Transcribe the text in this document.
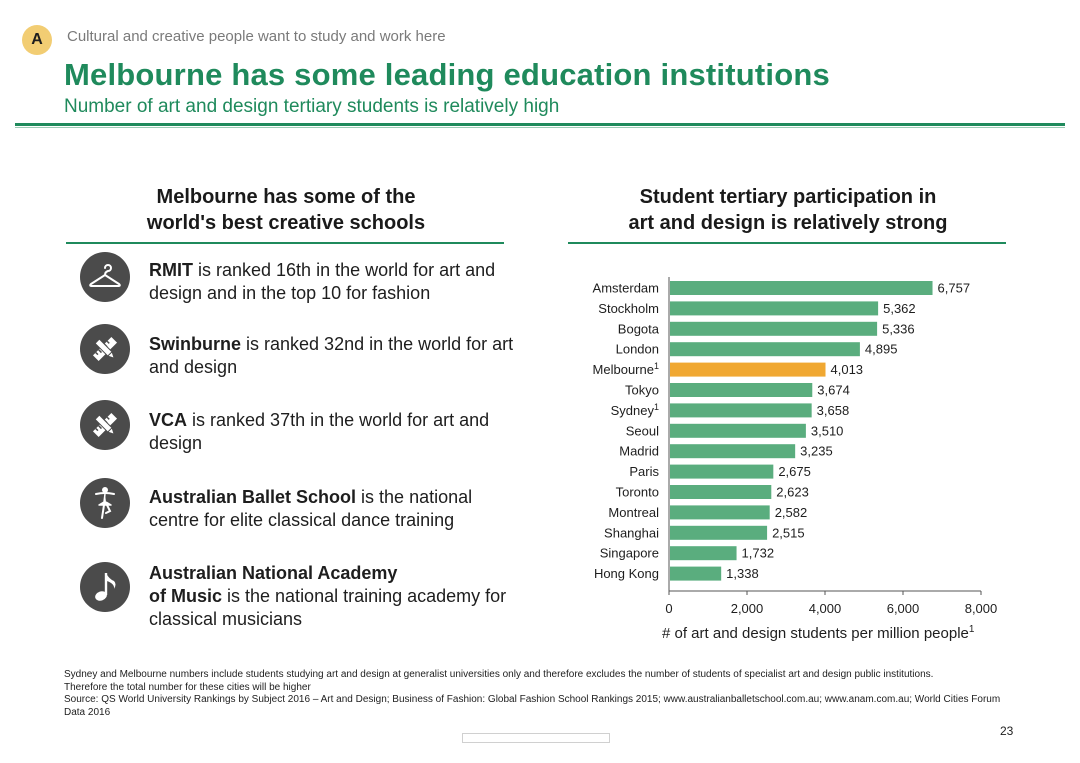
A	Cultural and creative people want to study and work here
Melbourne has some leading education institutions
Number of art and design tertiary students is relatively high
Melbourne has some of the
world's best creative schools
Student tertiary participation in
art and design is relatively strong
RMIT is ranked 16th in the world for art and design and in the top 10 for fashion
Swinburne is ranked 32nd in the world for art and design
VCA is ranked 37th in the world for art and design
Australian Ballet School is the national centre for elite classical dance training
Australian National Academy
of Music is the national training academy for classical musicians
Amsterdam	6,757
Stockholm	5,362
Bogota	5,336
London	4,895
Melbourne$^1$	4,013
Tokyo	3,674
Sydney$^1$	3,658
Seoul	3,510
Madrid	3,235
Paris	2,675
Toronto	2,623
Montreal	2,582
Shanghai	2,515
Singapore	1,732
Hong Kong	1,338
0	2,000	4,000	6,000	8,000
# of art and design students per million people$^1$
Sydney and Melbourne numbers include students studying art and design at generalist universities only and therefore excludes the number of students of specialist art and design public institutions.
Therefore the total number for these cities will be higher
Source: QS World University Rankings by Subject 2016 – Art and Design; Business of Fashion: Global Fashion School Rankings 2015; www.australianballetschool.com.au; www.anam.com.au; World Cities Forum Data 2016
23
